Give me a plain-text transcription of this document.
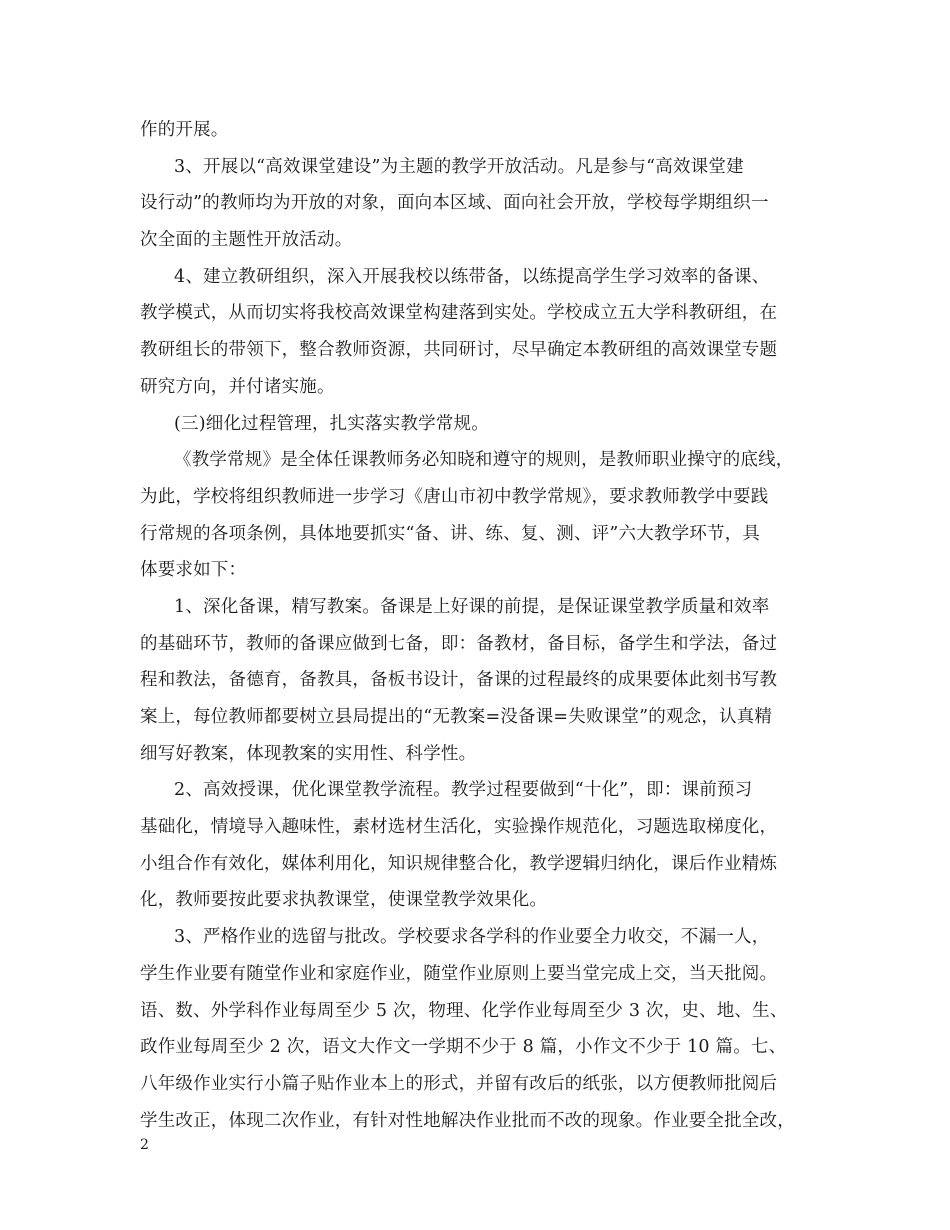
作的开展。
3、开展以“高效课堂建设”为主题的教学开放活动。凡是参与“高效课堂建
设行动”的教师均为开放的对象，面向本区域、面向社会开放，学校每学期组织一
次全面的主题性开放活动。
4、建立教研组织，深入开展我校以练带备，以练提高学生学习效率的备课、
教学模式，从而切实将我校高效课堂构建落到实处。学校成立五大学科教研组，在
教研组长的带领下，整合教师资源，共同研讨，尽早确定本教研组的高效课堂专题
研究方向，并付诸实施。
(三)细化过程管理，扎实落实教学常规。
《教学常规》是全体任课教师务必知晓和遵守的规则，是教师职业操守的底线，
为此，学校将组织教师进一步学习《唐山市初中教学常规》，要求教师教学中要践
行常规的各项条例，具体地要抓实“备、讲、练、复、测、评”六大教学环节，具
体要求如下：
1、深化备课，精写教案。备课是上好课的前提，是保证课堂教学质量和效率
的基础环节，教师的备课应做到七备，即：备教材，备目标，备学生和学法，备过
程和教法，备德育，备教具，备板书设计，备课的过程最终的成果要体此刻书写教
案上，每位教师都要树立县局提出的“无教案=没备课=失败课堂”的观念，认真精
细写好教案，体现教案的实用性、科学性。
2、高效授课，优化课堂教学流程。教学过程要做到“十化”，即：课前预习
基础化，情境导入趣味性，素材选材生活化，实验操作规范化，习题选取梯度化，
小组合作有效化，媒体利用化，知识规律整合化，教学逻辑归纳化，课后作业精炼
化，教师要按此要求执教课堂，使课堂教学效果化。
3、严格作业的选留与批改。学校要求各学科的作业要全力收交，不漏一人，
学生作业要有随堂作业和家庭作业，随堂作业原则上要当堂完成上交，当天批阅。
语、数、外学科作业每周至少 5 次，物理、化学作业每周至少 3 次，史、地、生、
政作业每周至少 2 次，语文大作文一学期不少于 8 篇，小作文不少于 10 篇。七、
八年级作业实行小篇子贴作业本上的形式，并留有改后的纸张，以方便教师批阅后
学生改正，体现二次作业，有针对性地解决作业批而不改的现象。作业要全批全改，
2
